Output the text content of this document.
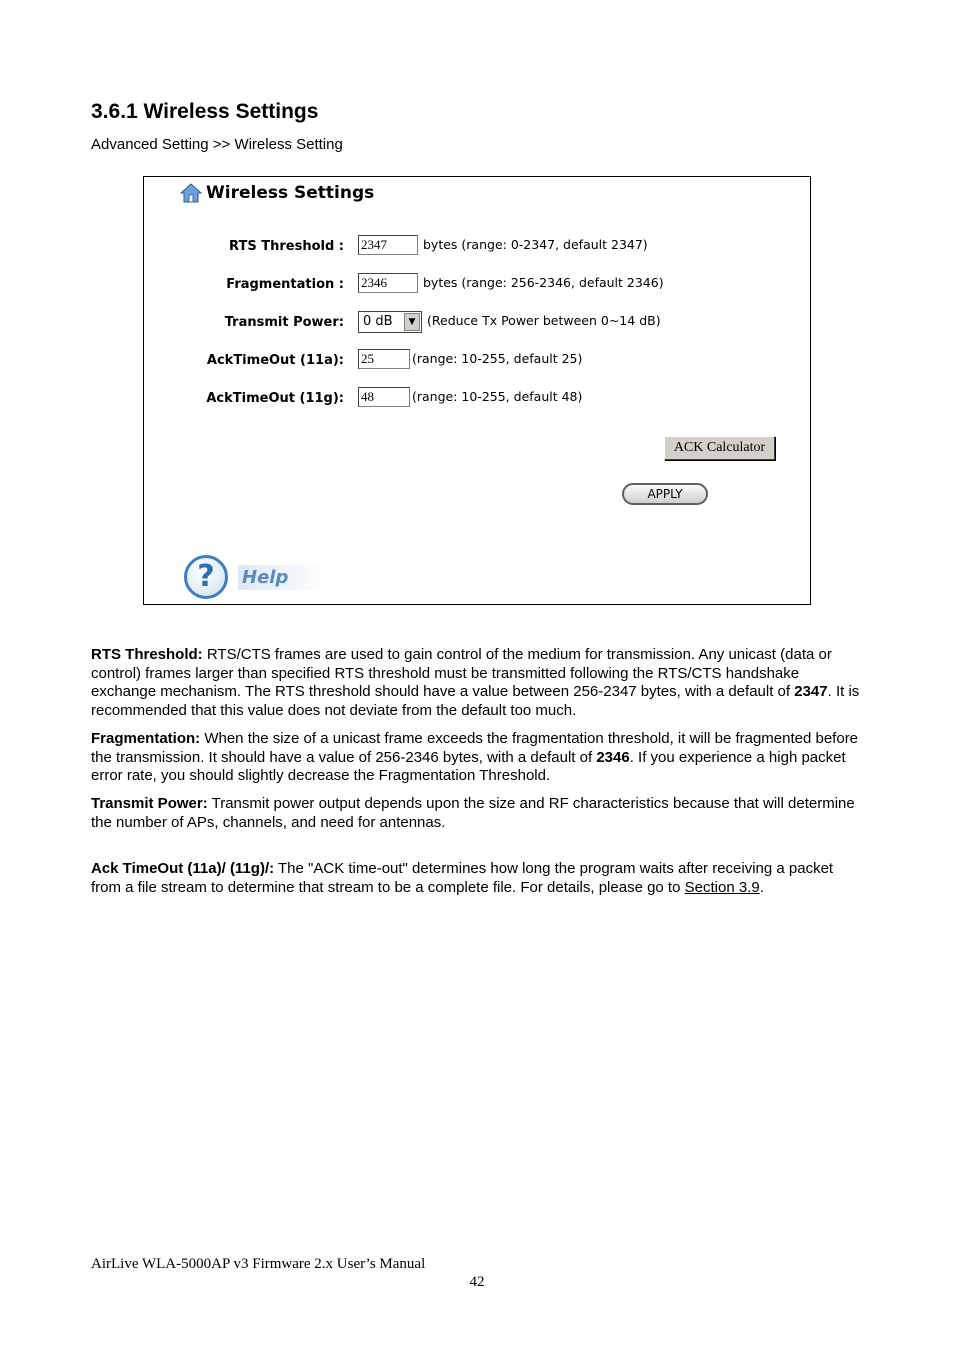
3.6.1 Wireless Settings
Advanced Setting >> Wireless Setting
Wireless Settings
RTS Threshold : 2347	bytes (range: 0-2347, default 2347)
Fragmentation : 2346	bytes (range: 256-2346, default 2346)
Transmit Power: 0 dB	▼ (Reduce Tx Power between 0~14 dB)
AckTimeOut (11a): 25	(range: 10-255, default 25)
AckTimeOut (11g): 48	(range: 10-255, default 48)
ACK Calculator
APPLY
?	Help

RTS Threshold: RTS/CTS frames are used to gain control of the medium for transmission. Any unicast (data or control) frames larger than specified RTS threshold must be transmitted following the RTS/CTS handshake exchange mechanism. The RTS threshold should have a value between 256-2347 bytes, with a default of 2347. It is recommended that this value does not deviate from the default too much.

Fragmentation: When the size of a unicast frame exceeds the fragmentation threshold, it will be fragmented before the transmission. It should have a value of 256-2346 bytes, with a default of 2346. If you experience a high packet error rate, you should slightly decrease the Fragmentation Threshold.

Transmit Power: Transmit power output depends upon the size and RF characteristics because that will determine the number of APs, channels, and need for antennas.

Ack TimeOut (11a)/ (11g)/: The "ACK time-out" determines how long the program waits after receiving a packet from a file stream to determine that stream to be a complete file. For details, please go to Section 3.9.

AirLive WLA-5000AP v3 Firmware 2.x User’s Manual
42
